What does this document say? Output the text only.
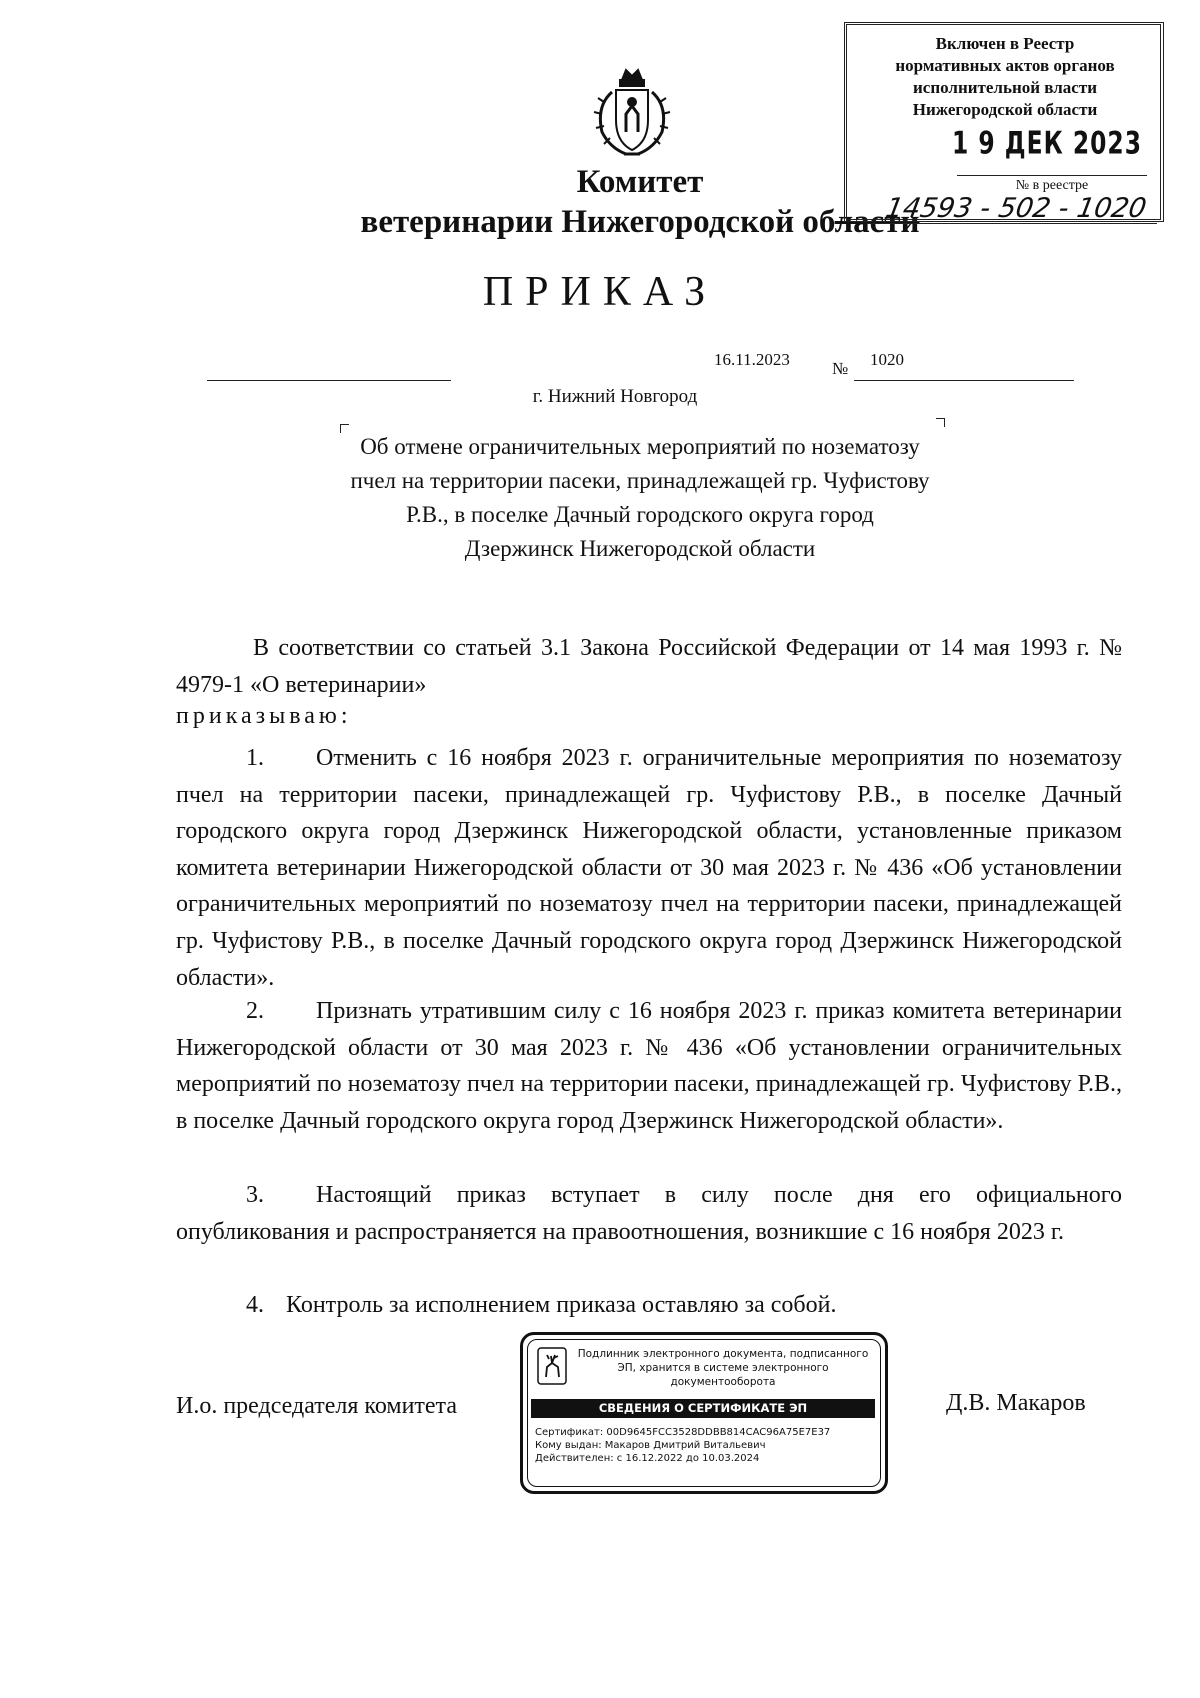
Комитет
ветеринарии Нижегородской области
Включен в Реестр
нормативных актов органов
исполнительной власти
Нижегородской области
1 9 ДЕК 2023
№ в реестре
14593 - 502 - 1020
ПРИКАЗ
16.11.2023 № 1020
г. Нижний Новгород
Об отмене ограничительных мероприятий по нозематозу пчел на территории пасеки, принадлежащей гр. Чуфистову Р.В., в поселке Дачный городского округа город Дзержинск Нижегородской области
В соответствии со статьей 3.1 Закона Российской Федерации от 14 мая 1993 г. № 4979-1 «О ветеринарии»
приказываю:
1. Отменить с 16 ноября 2023 г. ограничительные мероприятия по нозематозу пчел на территории пасеки, принадлежащей гр. Чуфистову Р.В., в поселке Дачный городского округа город Дзержинск Нижегородской области, установленные приказом комитета ветеринарии Нижегородской области от 30 мая 2023 г. № 436 «Об установлении ограничительных мероприятий по нозематозу пчел на территории пасеки, принадлежащей гр. Чуфистову Р.В., в поселке Дачный городского округа город Дзержинск Нижегородской области».
2. Признать утратившим силу с 16 ноября 2023 г. приказ комитета ветеринарии Нижегородской области от 30 мая 2023 г. № 436 «Об установлении ограничительных мероприятий по нозематозу пчел на территории пасеки, принадлежащей гр. Чуфистову Р.В., в поселке Дачный городского округа город Дзержинск Нижегородской области».
3. Настоящий приказ вступает в силу после дня его официального опубликования и распространяется на правоотношения, возникшие с 16 ноября 2023 г.
4. Контроль за исполнением приказа оставляю за собой.
И.о. председателя комитета	Д.В. Макаров
Подлинник электронного документа, подписанного ЭП, хранится в системе электронного документооборота
СВЕДЕНИЯ О СЕРТИФИКАТЕ ЭП
Сертификат: 00D9645FCC3528DDBB814CAC96A75E7E37
Кому выдан: Макаров Дмитрий Витальевич
Действителен: с 16.12.2022 до 10.03.2024
